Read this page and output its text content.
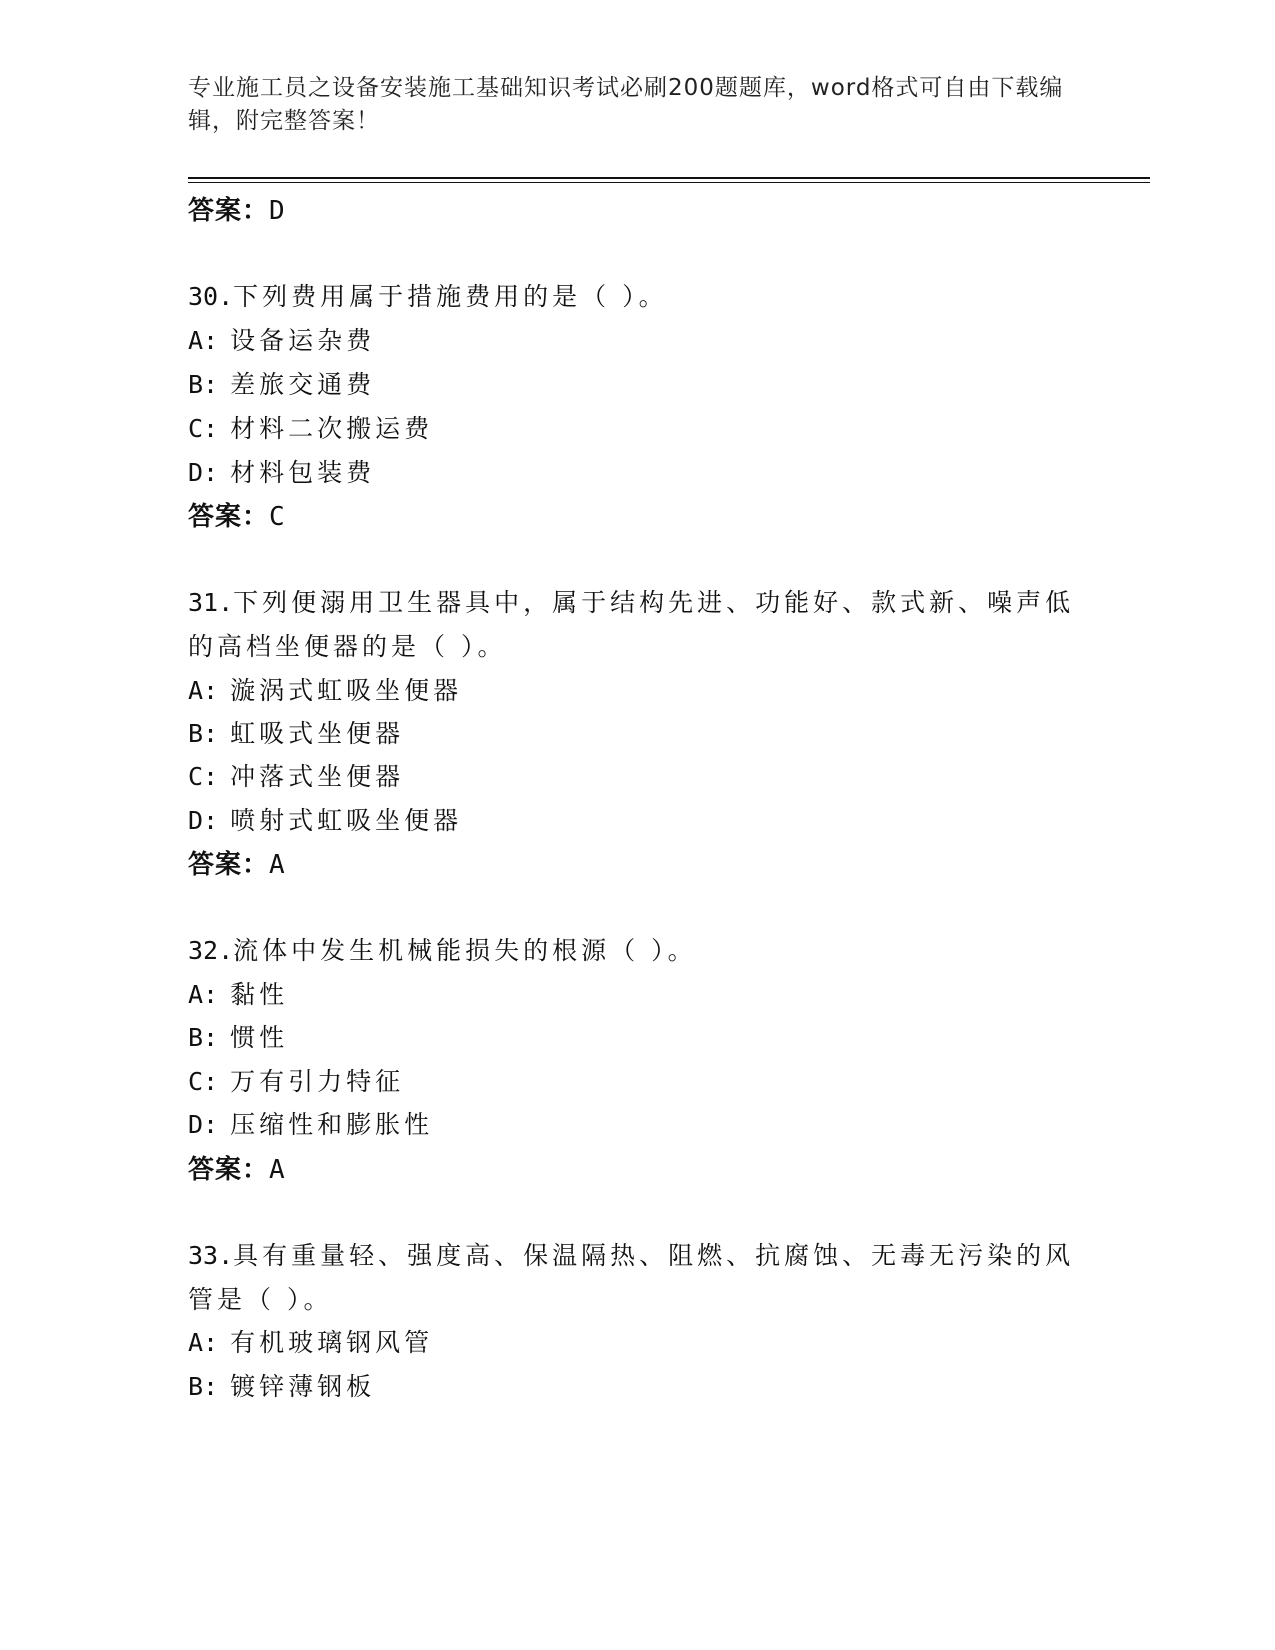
专业施工员之设备安装施工基础知识考试必刷200题题库，word格式可自由下载编辑，附完整答案！
答案：D
30.下列费用属于措施费用的是（ ）。
A: 设备运杂费
B: 差旅交通费
C: 材料二次搬运费
D: 材料包装费
答案：C
31.下列便溺用卫生器具中，属于结构先进、功能好、款式新、噪声低
的高档坐便器的是（ ）。
A: 漩涡式虹吸坐便器
B: 虹吸式坐便器
C: 冲落式坐便器
D: 喷射式虹吸坐便器
答案：A
32.流体中发生机械能损失的根源（ ）。
A: 黏性
B: 惯性
C: 万有引力特征
D: 压缩性和膨胀性
答案：A
33.具有重量轻、强度高、保温隔热、阻燃、抗腐蚀、无毒无污染的风
管是（ ）。
A: 有机玻璃钢风管
B: 镀锌薄钢板
